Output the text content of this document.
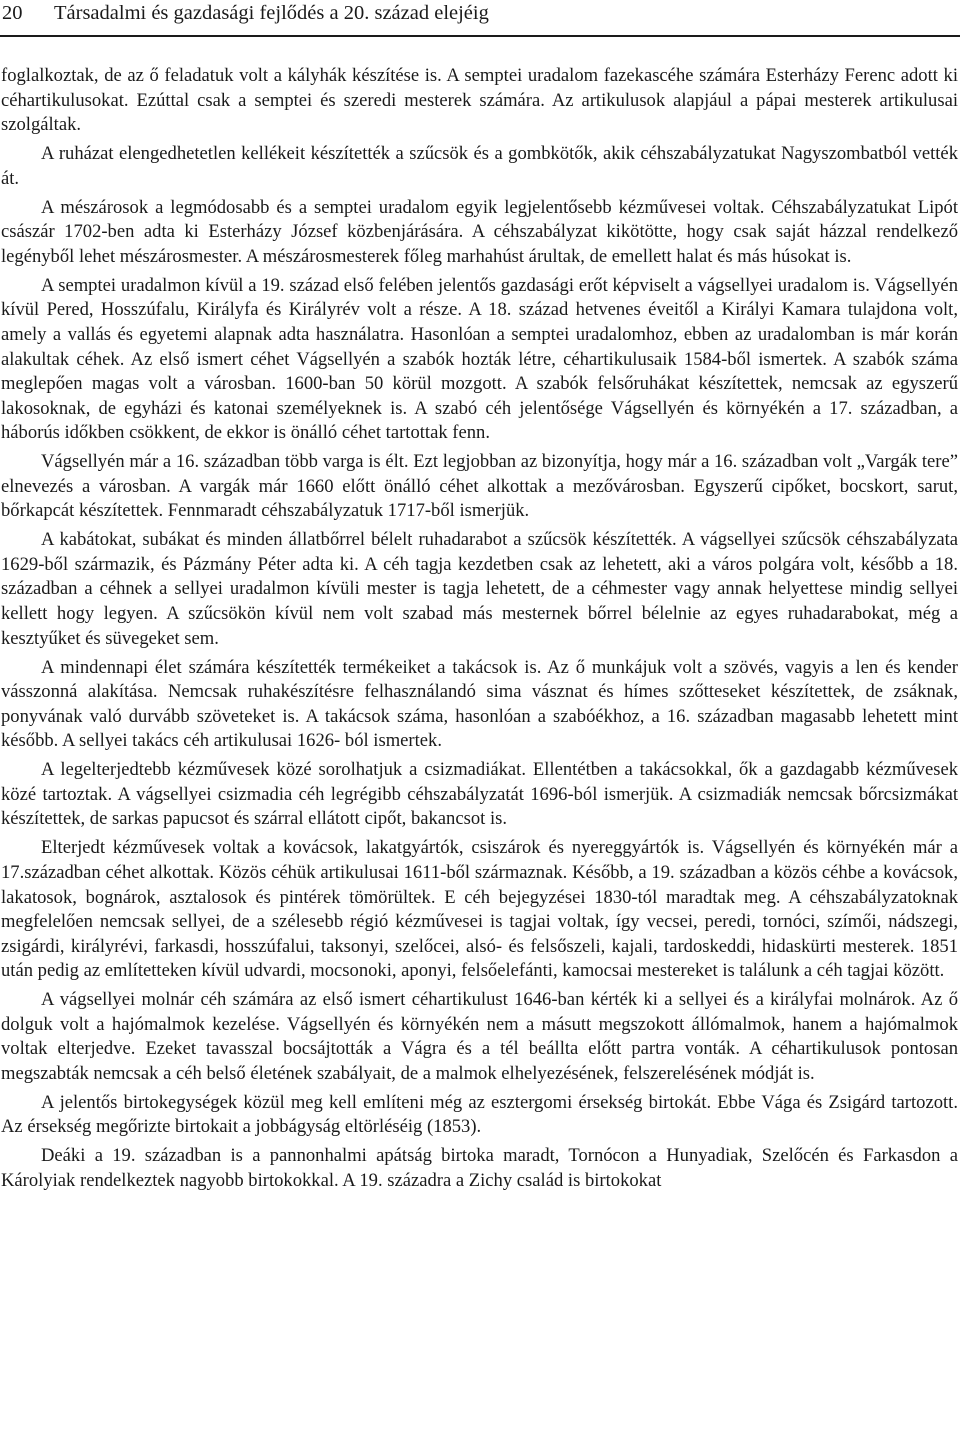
20 Társadalmi és gazdasági fejlődés a 20. század elejéig

foglalkoztak, de az ő feladatuk volt a kályhák készítése is. A semptei uradalom fazekascéhe számára Esterházy Ferenc adott ki céhartikulusokat. Ezúttal csak a semptei és szeredi mesterek számára. Az artikulusok alapjául a pápai mesterek artikulusai szolgáltak.

A ruházat elengedhetetlen kellékeit készítették a szűcsök és a gombkötők, akik céhszabályzatukat Nagyszombatból vették át.

A mészárosok a legmódosabb és a semptei uradalom egyik legjelentősebb kézművesei voltak. Céhszabályzatukat Lipót császár 1702-ben adta ki Esterházy József közbenjárására. A céhszabályzat kikötötte, hogy csak saját házzal rendelkező legényből lehet mészárosmester. A mészárosmesterek főleg marhahúst árultak, de emellett halat és más húsokat is.

A semptei uradalmon kívül a 19. század első felében jelentős gazdasági erőt képviselt a vágsellyei uradalom is. Vágsellyén kívül Pered, Hosszúfalu, Királyfa és Királyrév volt a része. A 18. század hetvenes éveitől a Királyi Kamara tulajdona volt, amely a vallás és egyetemi alapnak adta használatra. Hasonlóan a semptei uradalomhoz, ebben az uradalomban is már korán alakultak céhek. Az első ismert céhet Vágsellyén a szabók hozták létre, céhartikulusaik 1584-ből ismertek. A szabók száma meglepően magas volt a városban. 1600-ban 50 körül mozgott. A szabók felsőruhákat készítettek, nemcsak az egyszerű lakosoknak, de egyházi és katonai személyeknek is. A szabó céh jelentősége Vágsellyén és környékén a 17. században, a háborús időkben csökkent, de ekkor is önálló céhet tartottak fenn.

Vágsellyén már a 16. században több varga is élt. Ezt legjobban az bizonyítja, hogy már a 16. században volt „Vargák tere” elnevezés a városban. A vargák már 1660 előtt önálló céhet alkottak a mezővárosban. Egyszerű cipőket, bocskort, sarut, bőrkapcát készítettek. Fennmaradt céhszabályzatuk 1717-ből ismerjük.

A kabátokat, subákat és minden állatbőrrel bélelt ruhadarabot a szűcsök készítették. A vágsellyei szűcsök céhszabályzata 1629-ből származik, és Pázmány Péter adta ki. A céh tagja kezdetben csak az lehetett, aki a város polgára volt, később a 18. században a céhnek a sellyei uradalmon kívüli mester is tagja lehetett, de a céhmester vagy annak helyettese mindig sellyei kellett hogy legyen. A szűcsökön kívül nem volt szabad más mesternek bőrrel bélelnie az egyes ruhadarabokat, még a kesztyűket és süvegeket sem.

A mindennapi élet számára készítették termékeiket a takácsok is. Az ő munkájuk volt a szövés, vagyis a len és kender vásszonná alakítása. Nemcsak ruhakészítésre felhasználandó sima vásznat és hímes szőtteseket készítettek, de zsáknak, ponyvának való durvább szöveteket is. A takácsok száma, hasonlóan a szabóékhoz, a 16. században magasabb lehetett mint később. A sellyei takács céh artikulusai 1626- ból ismertek.

A legelterjedtebb kézművesek közé sorolhatjuk a csizmadiákat. Ellentétben a takácsokkal, ők a gazdagabb kézművesek közé tartoztak. A vágsellyei csizmadia céh legrégibb céhszabályzatát 1696-ból ismerjük. A csizmadiák nemcsak bőrcsizmákat készítettek, de sarkas papucsot és szárral ellátott cipőt, bakancsot is.

Elterjedt kézművesek voltak a kovácsok, lakatgyártók, csiszárok és nyereggyártók is. Vágsellyén és környékén már a 17.században céhet alkottak. Közös céhük artikulusai 1611-ből származnak. Később, a 19. században a közös céhbe a kovácsok, lakatosok, bognárok, asztalosok és pintérek tömörültek. E céh bejegyzései 1830-tól maradtak meg. A céhszabályzatoknak megfelelően nemcsak sellyei, de a szélesebb régió kézművesei is tagjai voltak, így vecsei, peredi, tornóci, szímői, nádszegi, zsigárdi, királyrévi, farkasdi, hosszúfalui, taksonyi, szelőcei, alsó- és felsőszeli, kajali, tardoskeddi, hidaskürti mesterek. 1851 után pedig az említetteken kívül udvardi, mocsonoki, aponyi, felsőelefánti, kamocsai mestereket is találunk a céh tagjai között.

A vágsellyei molnár céh számára az első ismert céhartikulust 1646-ban kérték ki a sellyei és a királyfai molnárok. Az ő dolguk volt a hajómalmok kezelése. Vágsellyén és környékén nem a másutt megszokott állómalmok, hanem a hajómalmok voltak elterjedve. Ezeket tavasszal bocsájtották a Vágra és a tél beállta előtt partra vonták. A céhartikulusok pontosan megszabták nemcsak a céh belső életének szabályait, de a malmok elhelyezésének, felszerelésének módját is.

A jelentős birtokegységek közül meg kell említeni még az esztergomi érsekség birtokát. Ebbe Vága és Zsigárd tartozott. Az érsekség megőrizte birtokait a jobbágyság eltörléséig (1853).

Deáki a 19. században is a pannonhalmi apátság birtoka maradt, Tornócon a Hunyadiak, Szelőcén és Farkasdon a Károlyiak rendelkeztek nagyobb birtokokkal. A 19. századra a Zichy család is birtokokat
